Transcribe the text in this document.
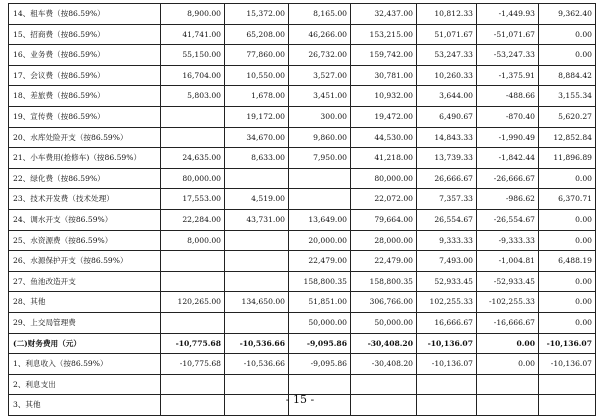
14、租车费（按86.59%）	8,900.00	15,372.00	8,165.00	32,437.00	10,812.33	-1,449.93	9,362.40
15、招商费（按86.59%）	41,741.00	65,208.00	46,266.00	153,215.00	51,071.67	-51,071.67	0.00
16、业务费（按86.59%）	55,150.00	77,860.00	26,732.00	159,742.00	53,247.33	-53,247.33	0.00
17、会议费（按86.59%）	16,704.00	10,550.00	3,527.00	30,781.00	10,260.33	-1,375.91	8,884.42
18、差旅费（按86.59%）	5,803.00	1,678.00	3,451.00	10,932.00	3,644.00	-488.66	3,155.34
19、宣传费（按86.59%）		19,172.00	300.00	19,472.00	6,490.67	-870.40	5,620.27
20、水库处险开支（按86.59%）		34,670.00	9,860.00	44,530.00	14,843.33	-1,990.49	12,852.84
21、小车费用(抢修车)（按86.59%）	24,635.00	8,633.00	7,950.00	41,218.00	13,739.33	-1,842.44	11,896.89
22、绿化费（按86.59%）	80,000.00			80,000.00	26,666.67	-26,666.67	0.00
23、技术开发费（技术处理）	17,553.00	4,519.00		22,072.00	7,357.33	-986.62	6,370.71
24、调水开支（按86.59%）	22,284.00	43,731.00	13,649.00	79,664.00	26,554.67	-26,554.67	0.00
25、水资源费（按86.59%）	8,000.00		20,000.00	28,000.00	9,333.33	-9,333.33	0.00
26、水源保护开支（按86.59%）			22,479.00	22,479.00	7,493.00	-1,004.81	6,488.19
27、鱼池改造开支			158,800.35	158,800.35	52,933.45	-52,933.45	0.00
28、其他	120,265.00	134,650.00	51,851.00	306,766.00	102,255.33	-102,255.33	0.00
29、上交局管理费			50,000.00	50,000.00	16,666.67	-16,666.67	0.00
(二)财务费用（元）	-10,775.68	-10,536.66	-9,095.86	-30,408.20	-10,136.07	0.00	-10,136.07
1、利息收入（按86.59%）	-10,775.68	-10,536.66	-9,095.86	-30,408.20	-10,136.07	0.00	-10,136.07
2、利息支出							
3、其他								- 15 -
